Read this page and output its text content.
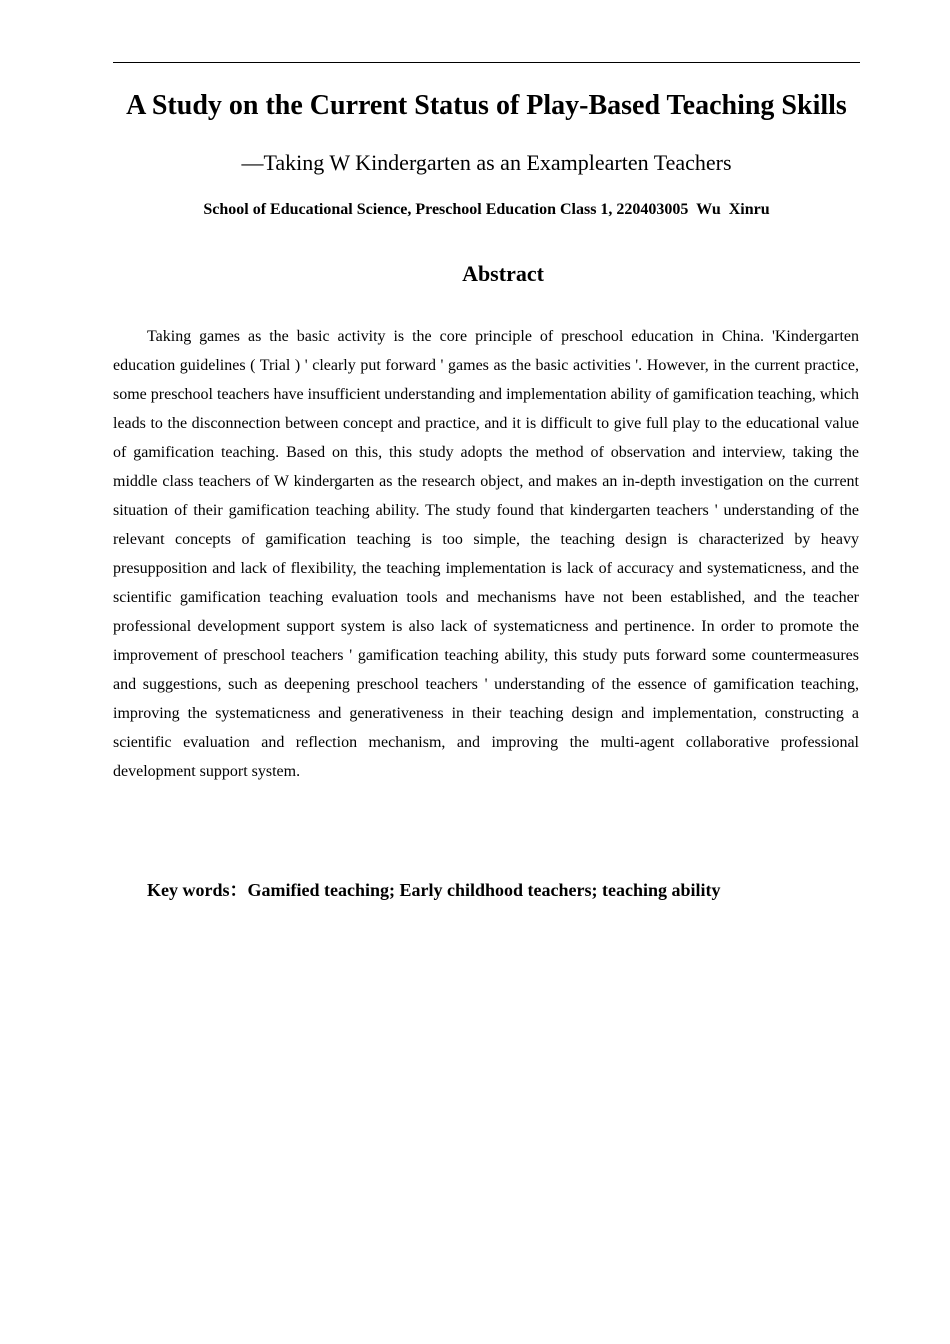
A Study on the Current Status of Play-Based Teaching Skills
—Taking W Kindergarten as an Examplearten Teachers
School of Educational Science, Preschool Education Class 1, 220403005  Wu  Xinru
Abstract

Taking games as the basic activity is the core principle of preschool education in China. 'Kindergarten education guidelines ( Trial ) ' clearly put forward ' games as the basic activities '. However, in the current practice, some preschool teachers have insufficient understanding and implementation ability of gamification teaching, which leads to the disconnection between concept and practice, and it is difficult to give full play to the educational value of gamification teaching. Based on this, this study adopts the method of observation and interview, taking the middle class teachers of W kindergarten as the research object, and makes an in-depth investigation on the current situation of their gamification teaching ability. The study found that kindergarten teachers ' understanding of the relevant concepts of gamification teaching is too simple, the teaching design is characterized by heavy presupposition and lack of flexibility, the teaching implementation is lack of accuracy and systematicness, and the scientific gamification teaching evaluation tools and mechanisms have not been established, and the teacher professional development support system is also lack of systematicness and pertinence. In order to promote the improvement of preschool teachers ' gamification teaching ability, this study puts forward some countermeasures and suggestions, such as deepening preschool teachers ' understanding of the essence of gamification teaching, improving the systematicness and generativeness in their teaching design and implementation, constructing a scientific evaluation and reflection mechanism, and improving the multi-agent collaborative professional development support system.

Key words：Gamified teaching; Early childhood teachers; teaching ability
